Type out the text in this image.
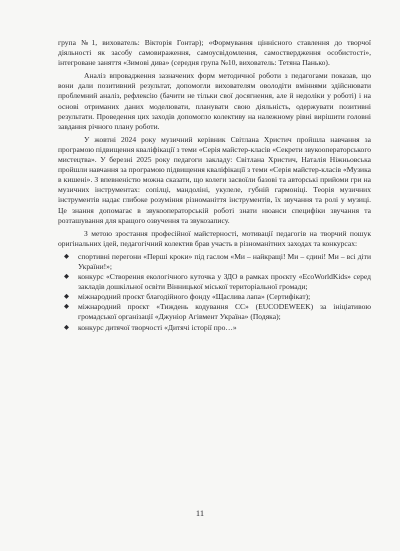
група №1, вихователь: Вікторія Гонтар); «Формування ціннісного ставлення до творчої діяльності як засобу самовираження, самоусвідомлення, самоствердження особистості», інтегроване заняття «Зимові дива» (середня група №10, вихователь: Тетяна Панько).

Аналіз впровадження зазначених форм методичної роботи з педагогами показав, що вони дали позитивний результат, допомогли вихователям оволодіти вміннями здійснювати проблемний аналіз, рефлексію (бачити не тільки свої досягнення, але й недоліки у роботі) і на основі отриманих даних моделювати, планувати свою діяльність, одержувати позитивні результати. Проведення цих заходів допомогло колективу на належному рівні вирішити головні завдання річного плану роботи.

У жовтні 2024 року музичний керівник Світлана Христич пройшла навчання за програмою підвищення кваліфікації з теми «Серія майстер-класів «Секрети звукооператорського мистецтва». У березні 2025 року педагоги закладу: Світлана Христич, Наталія Ніжньовська пройшли навчання за програмою підвищення кваліфікації з теми «Серія майстер-класів «Музика в кишені». З впевненістю можна сказати, що колеги засвоїли базові та авторські прийоми гри на музичних інструментах: сопілці, мандоліні, укулеле, губній гармоніці. Теорія музичних інструментів надає глибоке розуміння різноманіття інструментів, їх звучання та ролі у музиці. Це знання допомагає в звукооператорській роботі знати нюанси специфіки звучання та розташування для кращого озвучення та звукозапису.

З метою зростання професійної майстерності, мотивації педагогів на творчий пошук оригінальних ідей, педагогічний колектив брав участь в різноманітних заходах та конкурсах:

◆ спортивні перегони «Перші кроки» під гаслом «Ми – найкращі! Ми – єдині! Ми – всі діти України!»;
◆ конкурс «Створення екологічного куточка у ЗДО в рамках проєкту «EcoWorldKids» серед закладів дошкільної освіти Вінницької міської територіальної громади;
◆ міжнародний проєкт благодійного фонду «Щаслива лапа» (Сертифікат);
◆ міжнародний проєкт «Тиждень кодування СС» (EUCODEWEEK) за ініціативою громадської організації «Джуніор Агівмент Україна» (Подяка);
◆ конкурс дитячої творчості «Дитячі історії про…»
11
